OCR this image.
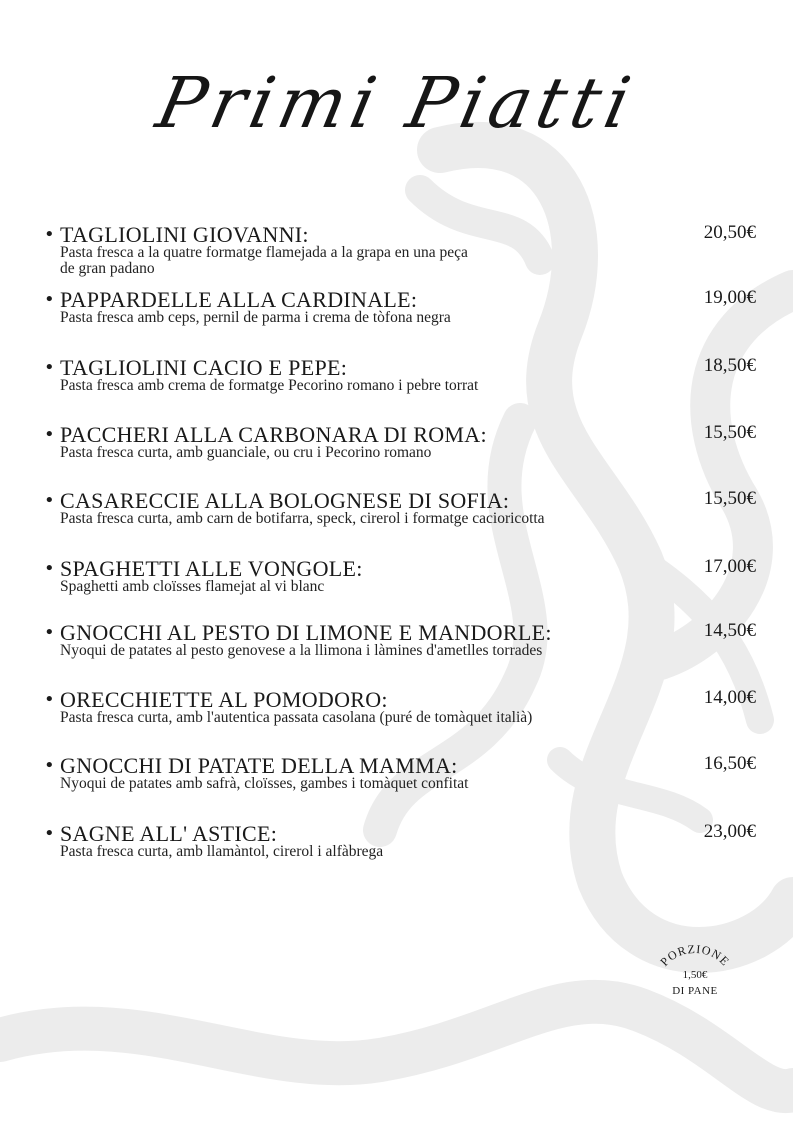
Primi Piatti
• TAGLIOLINI GIOVANNI:
Pasta fresca a la quatre formatge flamejada a la grapa en una peça de gran padano
20,50€
• PAPPARDELLE ALLA CARDINALE:
Pasta fresca amb ceps, pernil de parma i crema de tòfona negra
19,00€
• TAGLIOLINI CACIO E PEPE:
Pasta fresca amb crema de formatge Pecorino romano i pebre torrat
18,50€
• PACCHERI ALLA CARBONARA DI ROMA:
Pasta fresca curta, amb guanciale, ou cru i Pecorino romano
15,50€
• CASARECCIE ALLA BOLOGNESE DI SOFIA:
Pasta fresca curta, amb carn de botifarra, speck, cirerol i formatge cacioricotta
15,50€
• SPAGHETTI ALLE VONGOLE:
Spaghetti amb cloïsses flamejat al vi blanc
17,00€
• GNOCCHI AL PESTO DI LIMONE E MANDORLE:
Nyoqui de patates al pesto genovese a la llimona i làmines d'ametlles torrades
14,50€
• ORECCHIETTE AL POMODORO:
Pasta fresca curta, amb l'autentica passata casolana (puré de tomàquet italià)
14,00€
• GNOCCHI DI PATATE DELLA MAMMA:
Nyoqui de patates amb safrà, cloïsses, gambes i tomàquet confitat
16,50€
• SAGNE ALL' ASTICE:
Pasta fresca curta, amb llamàntol, cirerol i alfàbrega
23,00€
PORZIONE
1,50€
DI PANE
